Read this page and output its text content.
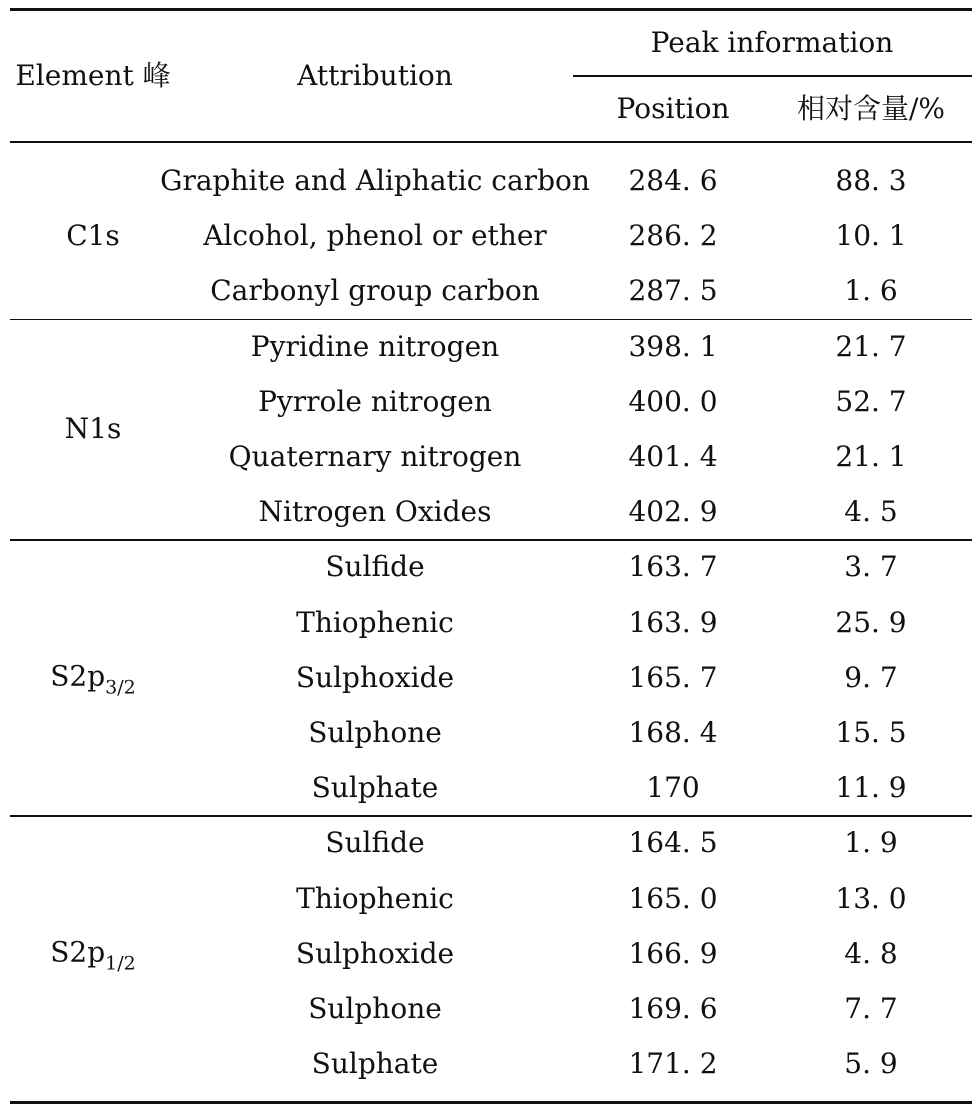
Element 峰	Attribution
Peak information
Position 相对含量/%
Graphite and Aliphatic carbon 284. 6	88. 3
Alcohol, phenol or ether	286. 2	10. 1
Carbonyl group carbon	287. 5	1. 6
C1s
Pyridine nitrogen	398. 1	21. 7
Pyrrole nitrogen	400. 0	52. 7
Quaternary nitrogen	401. 4	21. 1
Nitrogen Oxides	402. 9	4. 5
N1s
Sulfide	163. 7	3. 7
Thiophenic	163. 9	25. 9
Sulphoxide	165. 7	9. 7
Sulphone	168. 4	15. 5
Sulphate	170	11. 9
$S2p_{3/2}$
Sulfide	164. 5	1. 9
Thiophenic	165. 0	13. 0
Sulphoxide	166. 9	4. 8
Sulphone	169. 6	7. 7
Sulphate	171. 2	5. 9
$S2p_{1/2}$
